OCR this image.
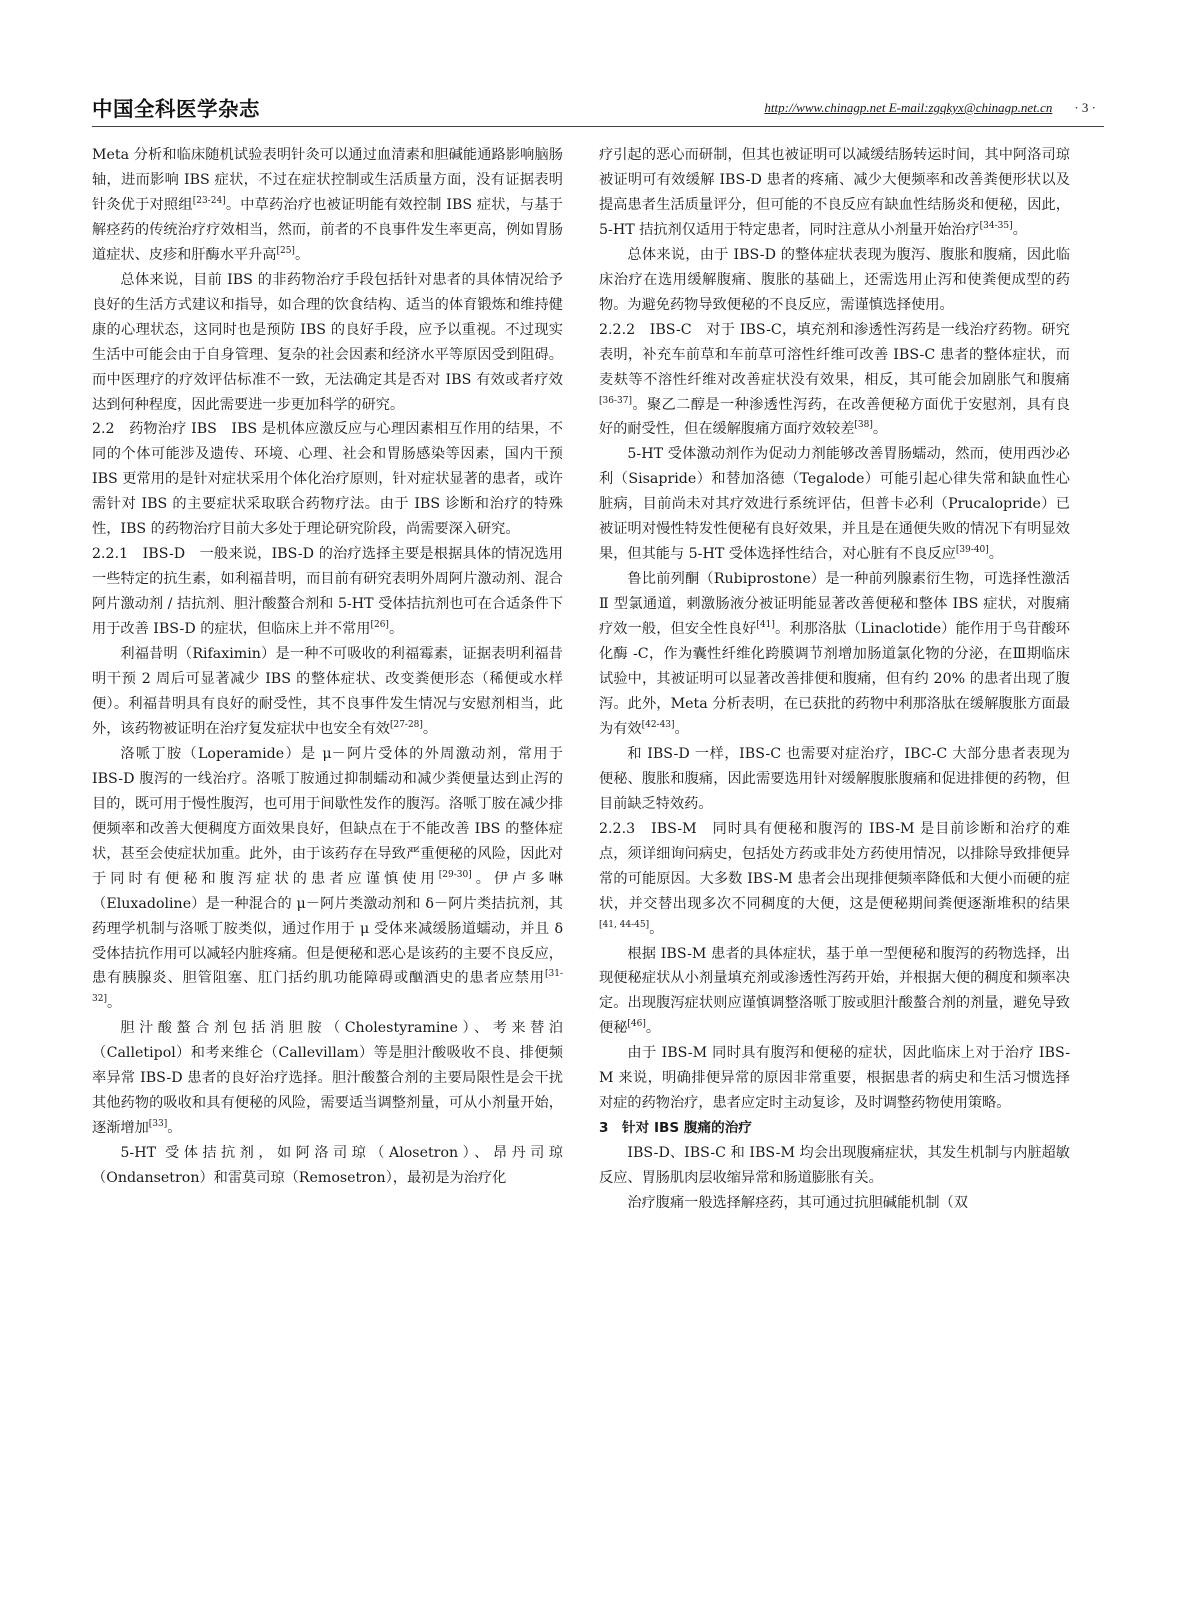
中国全科医学杂志	http://www.chinagp.net E-mail:zgqkyx@chinagp.net.cn · 3 ·

Meta 分析和临床随机试验表明针灸可以通过血清素和胆碱能通路影响脑肠轴，进而影响 IBS 症状，不过在症状控制或生活质量方面，没有证据表明针灸优于对照组[23-24]。中草药治疗也被证明能有效控制 IBS 症状，与基于解痉药的传统治疗疗效相当，然而，前者的不良事件发生率更高，例如胃肠道症状、皮疹和肝酶水平升高[25]。

总体来说，目前 IBS 的非药物治疗手段包括针对患者的具体情况给予良好的生活方式建议和指导，如合理的饮食结构、适当的体育锻炼和维持健康的心理状态，这同时也是预防 IBS 的良好手段，应予以重视。不过现实生活中可能会由于自身管理、复杂的社会因素和经济水平等原因受到阻碍。而中医理疗的疗效评估标准不一致，无法确定其是否对 IBS 有效或者疗效达到何种程度，因此需要进一步更加科学的研究。

2.2　药物治疗 IBS　IBS 是机体应激反应与心理因素相互作用的结果，不同的个体可能涉及遗传、环境、心理、社会和胃肠感染等因素，国内干预 IBS 更常用的是针对症状采用个体化治疗原则，针对症状显著的患者，或许需针对 IBS 的主要症状采取联合药物疗法。由于 IBS 诊断和治疗的特殊性，IBS 的药物治疗目前大多处于理论研究阶段，尚需要深入研究。

2.2.1　IBS-D　一般来说，IBS-D 的治疗选择主要是根据具体的情况选用一些特定的抗生素，如利福昔明，而目前有研究表明外周阿片激动剂、混合阿片激动剂 / 拮抗剂、胆汁酸螯合剂和 5-HT 受体拮抗剂也可在合适条件下用于改善 IBS-D 的症状，但临床上并不常用[26]。

利福昔明（Rifaximin）是一种不可吸收的利福霉素，证据表明利福昔明干预 2 周后可显著减少 IBS 的整体症状、改变粪便形态（稀便或水样便）。利福昔明具有良好的耐受性，其不良事件发生情况与安慰剂相当，此外，该药物被证明在治疗复发症状中也安全有效[27-28]。

洛哌丁胺（Loperamide）是 μ－阿片受体的外周激动剂，常用于 IBS-D 腹泻的一线治疗。洛哌丁胺通过抑制蠕动和减少粪便量达到止泻的目的，既可用于慢性腹泻，也可用于间歇性发作的腹泻。洛哌丁胺在减少排便频率和改善大便稠度方面效果良好，但缺点在于不能改善 IBS 的整体症状，甚至会使症状加重。此外，由于该药存在导致严重便秘的风险，因此对于同时有便秘和腹泻症状的患者应谨慎使用[29-30]。伊卢多啉（Eluxadoline）是一种混合的 μ－阿片类激动剂和 δ－阿片类拮抗剂，其药理学机制与洛哌丁胺类似，通过作用于 μ 受体来减缓肠道蠕动，并且 δ 受体拮抗作用可以减轻内脏疼痛。但是便秘和恶心是该药的主要不良反应，患有胰腺炎、胆管阻塞、肛门括约肌功能障碍或酗酒史的患者应禁用[31-32]。

胆汁酸螯合剂包括消胆胺（Cholestyramine）、考来替泊（Calletipol）和考来维仑（Callevillam）等是胆汁酸吸收不良、排便频率异常 IBS-D 患者的良好治疗选择。胆汁酸螯合剂的主要局限性是会干扰其他药物的吸收和具有便秘的风险，需要适当调整剂量，可从小剂量开始，逐渐增加[33]。

5-HT 受体拮抗剂，如阿洛司琼（Alosetron）、昂丹司琼（Ondansetron）和雷莫司琼（Remosetron），最初是为治疗化

疗引起的恶心而研制，但其也被证明可以减缓结肠转运时间，其中阿洛司琼被证明可有效缓解 IBS-D 患者的疼痛、减少大便频率和改善粪便形状以及提高患者生活质量评分，但可能的不良反应有缺血性结肠炎和便秘，因此，5-HT 拮抗剂仅适用于特定患者，同时注意从小剂量开始治疗[34-35]。

总体来说，由于 IBS-D 的整体症状表现为腹泻、腹胀和腹痛，因此临床治疗在选用缓解腹痛、腹胀的基础上，还需选用止泻和使粪便成型的药物。为避免药物导致便秘的不良反应，需谨慎选择使用。

2.2.2　IBS-C　对于 IBS-C，填充剂和渗透性泻药是一线治疗药物。研究表明，补充车前草和车前草可溶性纤维可改善 IBS-C 患者的整体症状，而麦麸等不溶性纤维对改善症状没有效果，相反，其可能会加剧胀气和腹痛[36-37]。聚乙二醇是一种渗透性泻药，在改善便秘方面优于安慰剂，具有良好的耐受性，但在缓解腹痛方面疗效较差[38]。

5-HT 受体激动剂作为促动力剂能够改善胃肠蠕动，然而，使用西沙必利（Sisapride）和替加洛德（Tegalode）可能引起心律失常和缺血性心脏病，目前尚未对其疗效进行系统评估，但普卡必利（Prucalopride）已被证明对慢性特发性便秘有良好效果，并且是在通便失败的情况下有明显效果，但其能与 5-HT 受体选择性结合，对心脏有不良反应[39-40]。

鲁比前列酮（Rubiprostone）是一种前列腺素衍生物，可选择性激活 Ⅱ 型氯通道，刺激肠液分被证明能显著改善便秘和整体 IBS 症状，对腹痛疗效一般，但安全性良好[41]。利那洛肽（Linaclotide）能作用于鸟苷酸环化酶 -C，作为囊性纤维化跨膜调节剂增加肠道氯化物的分泌，在Ⅲ期临床试验中，其被证明可以显著改善排便和腹痛，但有约 20% 的患者出现了腹泻。此外，Meta 分析表明，在已获批的药物中利那洛肽在缓解腹胀方面最为有效[42-43]。

和 IBS-D 一样，IBS-C 也需要对症治疗，IBC-C 大部分患者表现为便秘、腹胀和腹痛，因此需要选用针对缓解腹胀腹痛和促进排便的药物，但目前缺乏特效药。

2.2.3　IBS-M　同时具有便秘和腹泻的 IBS-M 是目前诊断和治疗的难点，须详细询问病史，包括处方药或非处方药使用情况，以排除导致排便异常的可能原因。大多数 IBS-M 患者会出现排便频率降低和大便小而硬的症状，并交替出现多次不同稠度的大便，这是便秘期间粪便逐渐堆积的结果[41, 44-45]。

根据 IBS-M 患者的具体症状，基于单一型便秘和腹泻的药物选择，出现便秘症状从小剂量填充剂或渗透性泻药开始，并根据大便的稠度和频率决定。出现腹泻症状则应谨慎调整洛哌丁胺或胆汁酸螯合剂的剂量，避免导致便秘[46]。

由于 IBS-M 同时具有腹泻和便秘的症状，因此临床上对于治疗 IBS-M 来说，明确排便异常的原因非常重要，根据患者的病史和生活习惯选择对症的药物治疗，患者应定时主动复诊，及时调整药物使用策略。

3　针对 IBS 腹痛的治疗

IBS-D、IBS-C 和 IBS-M 均会出现腹痛症状，其发生机制与内脏超敏反应、胃肠肌肉层收缩异常和肠道膨胀有关。

治疗腹痛一般选择解痉药，其可通过抗胆碱能机制（双
